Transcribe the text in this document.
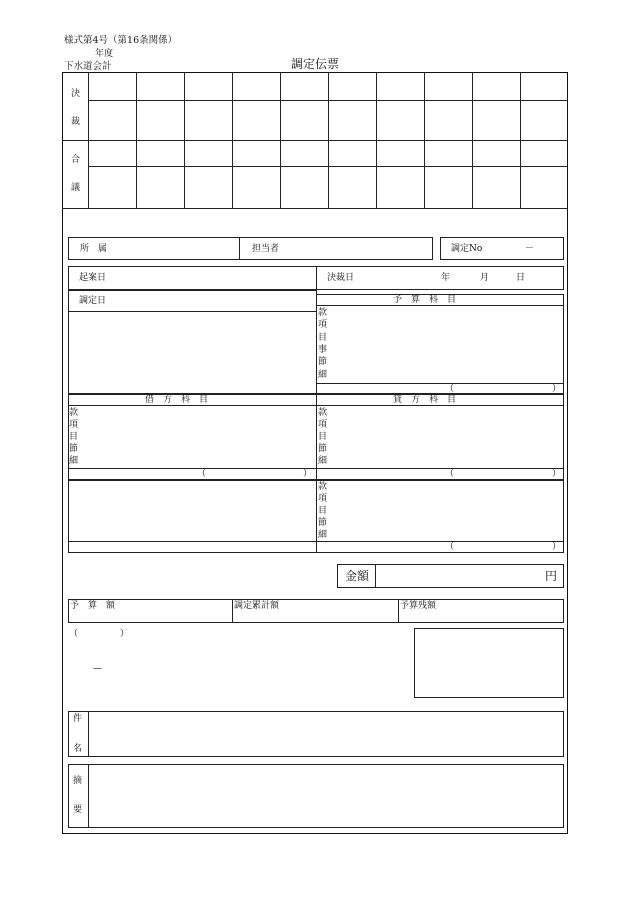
様式第4号（第16条関係）
年度
下水道会計	調定伝票
決
裁
合
議
所　属	担当者	調定No	－
起案日	決裁日	年	月	日
調定日	予　算　科　目
款
項
目
事
節
細
（	）
借　方　科　目	貸　方　科　目
款
項
目
節
細
（	）
款
項
目
節
細
（	）
款
項
目
節
細
（	）
金額	円
予　算　額	調定累計額	予算残額
（	）
—
件
名
摘
要
